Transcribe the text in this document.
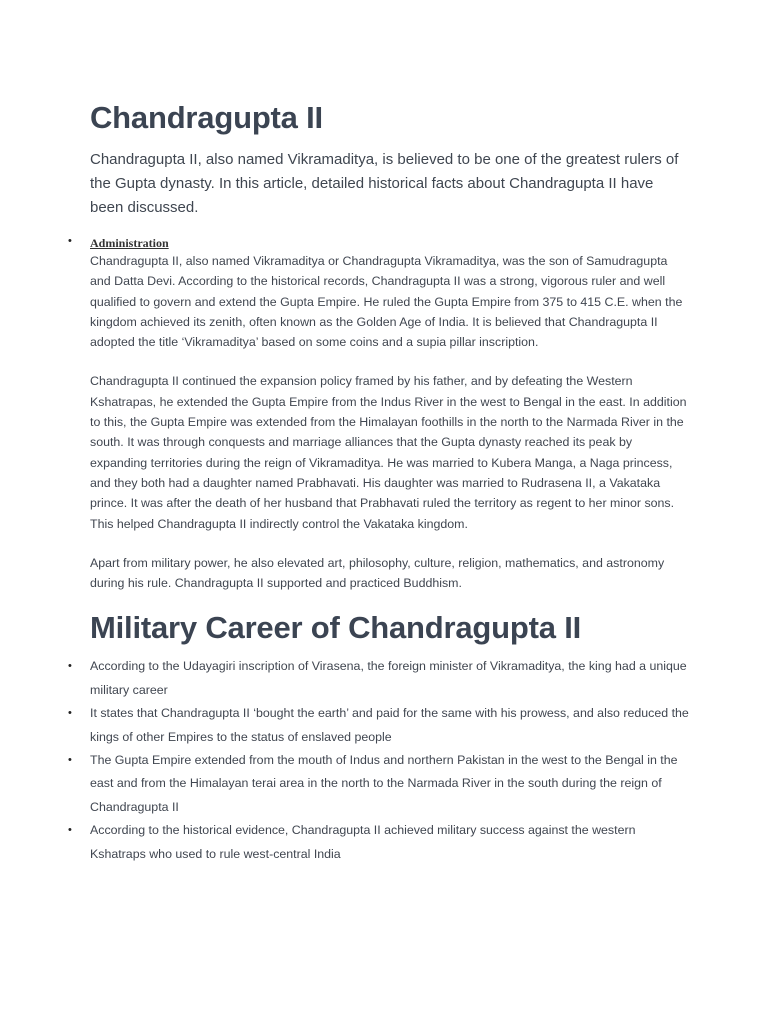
Chandragupta II

Chandragupta II, also named Vikramaditya, is believed to be one of the greatest rulers of the Gupta dynasty. In this article, detailed historical facts about Chandragupta II have been discussed.

• Administration

Chandragupta II, also named Vikramaditya or Chandragupta Vikramaditya, was the son of Samudragupta and Datta Devi. According to the historical records, Chandragupta II was a strong, vigorous ruler and well qualified to govern and extend the Gupta Empire. He ruled the Gupta Empire from 375 to 415 C.E. when the kingdom achieved its zenith, often known as the Golden Age of India. It is believed that Chandragupta II adopted the title ‘Vikramaditya’ based on some coins and a supia pillar inscription.

Chandragupta II continued the expansion policy framed by his father, and by defeating the Western Kshatrapas, he extended the Gupta Empire from the Indus River in the west to Bengal in the east. In addition to this, the Gupta Empire was extended from the Himalayan foothills in the north to the Narmada River in the south. It was through conquests and marriage alliances that the Gupta dynasty reached its peak by expanding territories during the reign of Vikramaditya. He was married to Kubera Manga, a Naga princess, and they both had a daughter named Prabhavati. His daughter was married to Rudrasena II, a Vakataka prince. It was after the death of her husband that Prabhavati ruled the territory as regent to her minor sons. This helped Chandragupta II indirectly control the Vakataka kingdom.

Apart from military power, he also elevated art, philosophy, culture, religion, mathematics, and astronomy during his rule. Chandragupta II supported and practiced Buddhism.

Military Career of Chandragupta II
• According to the Udayagiri inscription of Virasena, the foreign minister of Vikramaditya, the king had a unique military career
• It states that Chandragupta II ‘bought the earth’ and paid for the same with his prowess, and also reduced the kings of other Empires to the status of enslaved people
• The Gupta Empire extended from the mouth of Indus and northern Pakistan in the west to the Bengal in the east and from the Himalayan terai area in the north to the Narmada River in the south during the reign of Chandragupta II
• According to the historical evidence, Chandragupta II achieved military success against the western Kshatraps who used to rule west-central India
